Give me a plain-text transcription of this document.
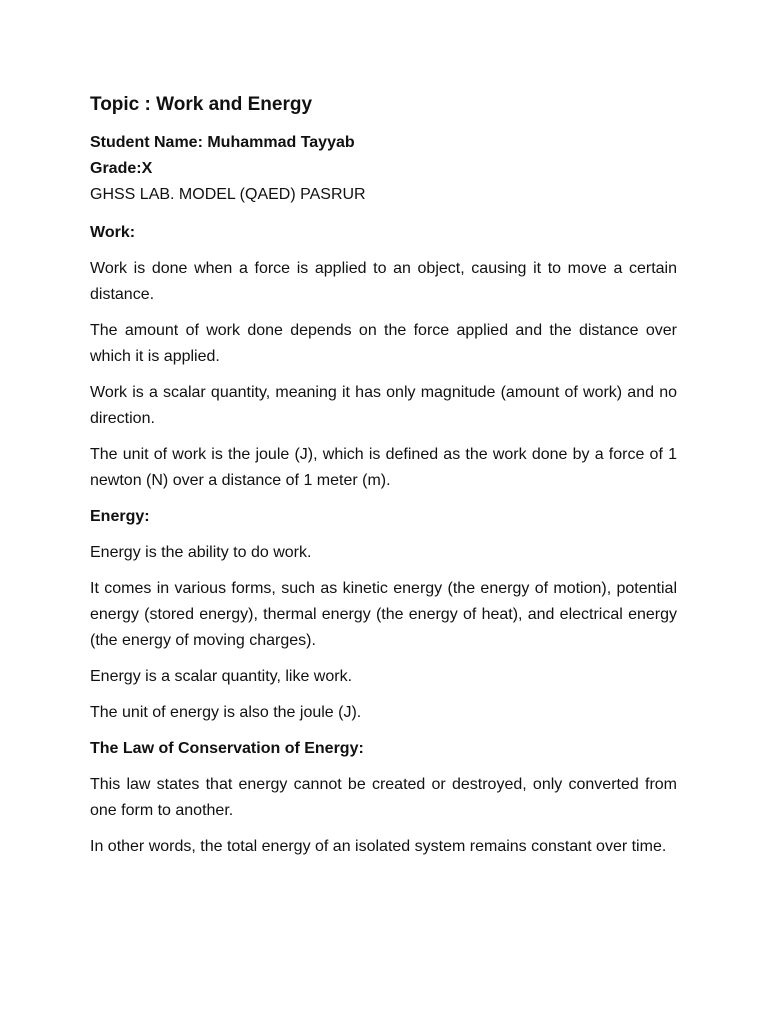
Topic : Work and Energy
Student Name: Muhammad Tayyab
Grade:X
GHSS LAB. MODEL (QAED) PASRUR
Work:

Work is done when a force is applied to an object, causing it to move a certain distance.

The amount of work done depends on the force applied and the distance over which it is applied.

Work is a scalar quantity, meaning it has only magnitude (amount of work) and no direction.

The unit of work is the joule (J), which is defined as the work done by a force of 1 newton (N) over a distance of 1 meter (m).

Energy:

Energy is the ability to do work.

It comes in various forms, such as kinetic energy (the energy of motion), potential energy (stored energy), thermal energy (the energy of heat), and electrical energy (the energy of moving charges).

Energy is a scalar quantity, like work.

The unit of energy is also the joule (J).

The Law of Conservation of Energy:

This law states that energy cannot be created or destroyed, only converted from one form to another.

In other words, the total energy of an isolated system remains constant over time.
